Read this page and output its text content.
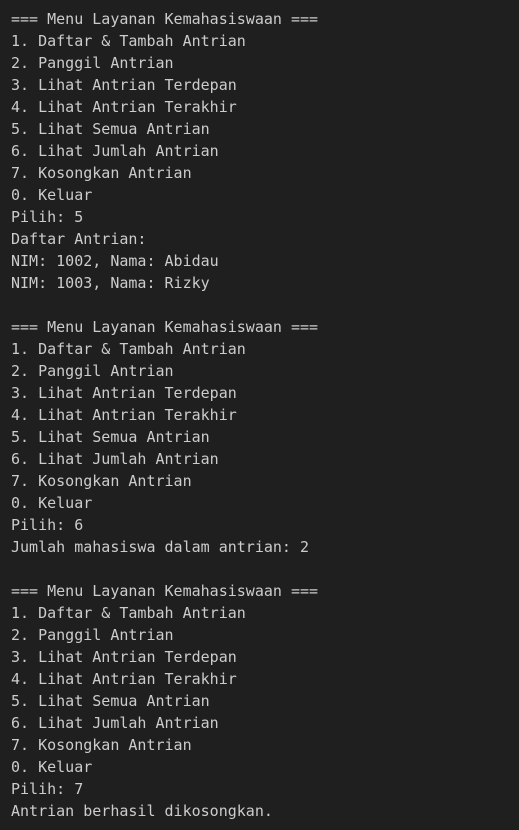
=== Menu Layanan Kemahasiswaan ===

1. Daftar & Tambah Antrian

2. Panggil Antrian

3. Lihat Antrian Terdepan

4. Lihat Antrian Terakhir

5. Lihat Semua Antrian

6. Lihat Jumlah Antrian

7. Kosongkan Antrian

0. Keluar

Pilih: 5

Daftar Antrian:

NIM: 1002, Nama: Abidau

NIM: 1003, Nama: Rizky

=== Menu Layanan Kemahasiswaan ===

1. Daftar & Tambah Antrian

2. Panggil Antrian

3. Lihat Antrian Terdepan

4. Lihat Antrian Terakhir

5. Lihat Semua Antrian

6. Lihat Jumlah Antrian

7. Kosongkan Antrian

0. Keluar

Pilih: 6

Jumlah mahasiswa dalam antrian: 2

=== Menu Layanan Kemahasiswaan ===

1. Daftar & Tambah Antrian

2. Panggil Antrian

3. Lihat Antrian Terdepan

4. Lihat Antrian Terakhir

5. Lihat Semua Antrian

6. Lihat Jumlah Antrian

7. Kosongkan Antrian

0. Keluar

Pilih: 7

Antrian berhasil dikosongkan.
